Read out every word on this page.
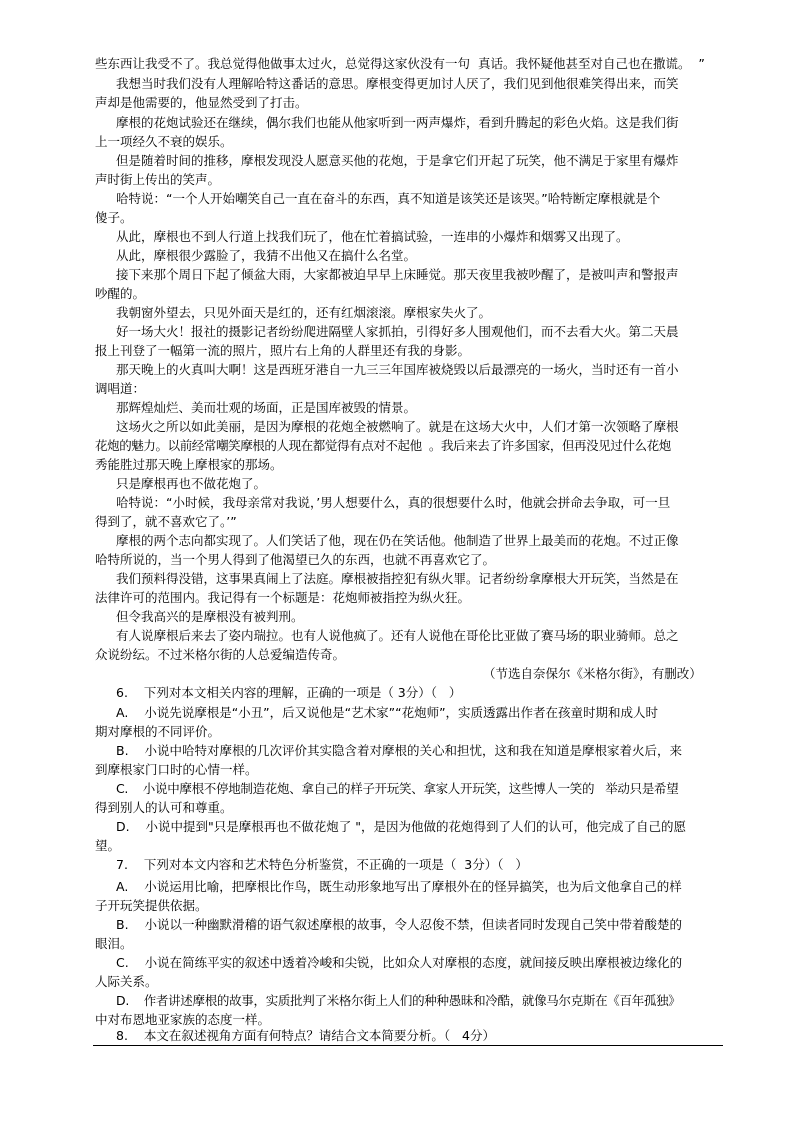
些东西让我受不了。我总觉得他做事太过火，总觉得这家伙没有一句  真话。我怀疑他甚至对自己也在撒谎。  ”
我想当时我们没有人理解哈特这番话的意思。摩根变得更加讨人厌了，我们见到他很难笑得出来，而笑
声却是他需要的，他显然受到了打击。
摩根的花炮试验还在继续，偶尔我们也能从他家听到一两声爆炸，看到升腾起的彩色火焰。这是我们街
上一项经久不衰的娱乐。
但是随着时间的推移，摩根发现没人愿意买他的花炮，于是拿它们开起了玩笑，他不满足于家里有爆炸
声时街上传出的笑声。
哈特说：“一个人开始嘲笑自己一直在奋斗的东西，真不知道是该笑还是该哭。”哈特断定摩根就是个
傻子。
从此，摩根也不到人行道上找我们玩了，他在忙着搞试验，一连串的小爆炸和烟雾又出现了。
从此，摩根很少露脸了，我猜不出他又在搞什么名堂。
接下来那个周日下起了倾盆大雨，大家都被迫早早上床睡觉。那天夜里我被吵醒了，是被叫声和警报声
吵醒的。
我朝窗外望去，只见外面天是红的，还有红烟滚滚。摩根家失火了。
好一场大火！报社的摄影记者纷纷爬进隔壁人家抓拍，引得好多人围观他们，而不去看大火。第二天晨
报上刊登了一幅第一流的照片，照片右上角的人群里还有我的身影。
那天晚上的火真叫大啊！这是西班牙港自一九三三年国库被烧毁以后最漂亮的一场火，当时还有一首小
调唱道：
那辉煌灿烂、美而壮观的场面，正是国库被毁的情景。
这场火之所以如此美丽，是因为摩根的花炮全被燃响了。就是在这场大火中，人们才第一次领略了摩根
花炮的魅力。以前经常嘲笑摩根的人现在都觉得有点对不起他  。我后来去了许多国家，但再没见过什么花炮
秀能胜过那天晚上摩根家的那场。
只是摩根再也不做花炮了。
哈特说：“小时候，我母亲常对我说，’男人想要什么，真的很想要什么时，他就会拼命去争取，可一旦
得到了，就不喜欢它了。’”
摩根的两个志向都实现了。人们笑话了他，现在仍在笑话他。他制造了世界上最美而的花炮。不过正像
哈特所说的，当一个男人得到了他渴望已久的东西，也就不再喜欢它了。
我们预料得没错，这事果真闹上了法庭。摩根被指控犯有纵火罪。记者纷纷拿摩根大开玩笑，当然是在
法律许可的范围内。我记得有一个标题是：花炮师被指控为纵火狂。
但令我高兴的是摩根没有被判刑。
有人说摩根后来去了姿内瑞拉。也有人说他疯了。还有人说他在哥伦比亚做了赛马场的职业骑师。总之
众说纷纭。不过米格尔街的人总爱编造传奇。
（节选自奈保尔《米格尔街》，有删改）
6.    下列对本文相关内容的理解，正确的一项是（ 3分）（   ）
A.    小说先说摩根是“小丑”，后又说他是“艺术家”“花炮师”，实质透露出作者在孩童时期和成人时
期对摩根的不同评价。
B.    小说中哈特对摩根的几次评价其实隐含着对摩根的关心和担忧，这和我在知道是摩根家着火后，来
到摩根家门口时的心情一样。
C.    小说中摩根不停地制造花炮、拿自己的样子开玩笑、拿家人开玩笑，这些博人一笑的   举动只是希望
得到别人的认可和尊重。
D.    小说中提到"只是摩根再也不做花炮了 "，是因为他做的花炮得到了人们的认可，他完成了自己的愿
望。
7.    下列对本文内容和艺术特色分析鉴赏，不正确的一项是（  3分）（   ）
A.    小说运用比喻，把摩根比作鸟，既生动形象地写出了摩根外在的怪异搞笑，也为后文他拿自己的样
子开玩笑提供依据。
B.    小说以一种幽默滑稽的语气叙述摩根的故事，令人忍俊不禁，但读者同时发现自己笑中带着酸楚的
眼泪。
C.    小说在简练平实的叙述中透着冷峻和尖锐，比如众人对摩根的态度，就间接反映出摩根被边缘化的
人际关系。
D.    作者讲述摩根的故事，实质批判了米格尔街上人们的种种愚昧和冷酷，就像马尔克斯在《百年孤独》
中对布恩地亚家族的态度一样。
8.    本文在叙述视角方面有何特点？请结合文本简要分析。（   4分）
